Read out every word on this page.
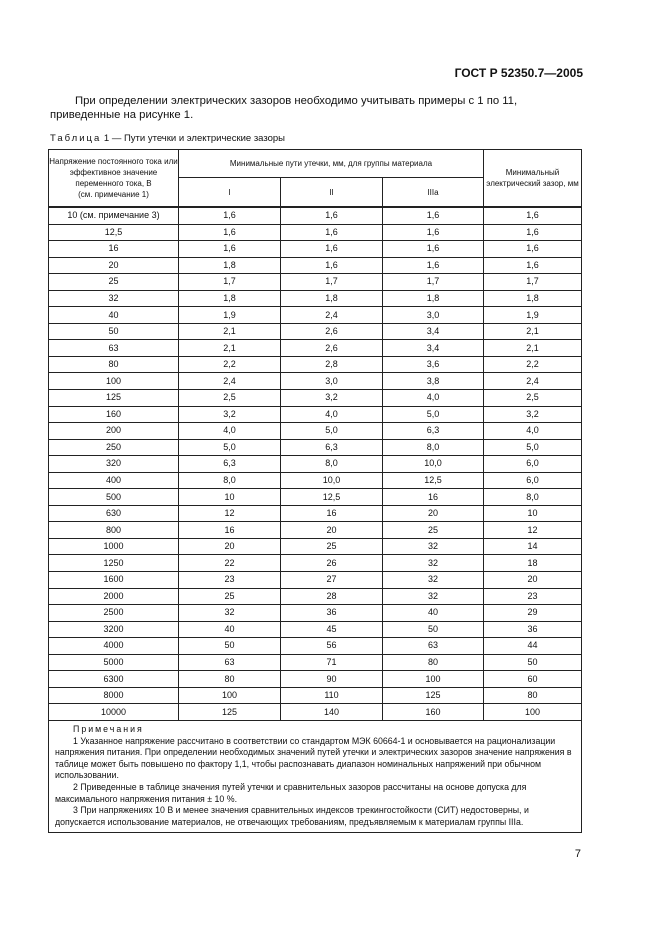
ГОСТ Р 52350.7—2005
При определении электрических зазоров необходимо учитывать примеры с 1 по 11, приведенные на рисунке 1.
Таблица 1 — Пути утечки и электрические зазоры
Напряжение постоянного тока или эффективное значение переменного тока, В
(см. примечание 1)	Минимальные пути утечки, мм, для группы материала			Минимальный электрический зазор, мм
	I	II	IIIa	
10 (см. примечание 3)	1,6	1,6	1,6	1,6
12,5	1,6	1,6	1,6	1,6
16	1,6	1,6	1,6	1,6
20	1,8	1,6	1,6	1,6
25	1,7	1,7	1,7	1,7
32	1,8	1,8	1,8	1,8
40	1,9	2,4	3,0	1,9
50	2,1	2,6	3,4	2,1
63	2,1	2,6	3,4	2,1
80	2,2	2,8	3,6	2,2
100	2,4	3,0	3,8	2,4
125	2,5	3,2	4,0	2,5
160	3,2	4,0	5,0	3,2
200	4,0	5,0	6,3	4,0
250	5,0	6,3	8,0	5,0
320	6,3	8,0	10,0	6,0
400	8,0	10,0	12,5	6,0
500	10	12,5	16	8,0
630	12	16	20	10
800	16	20	25	12
1000	20	25	32	14
1250	22	26	32	18
1600	23	27	32	20
2000	25	28	32	23
2500	32	36	40	29
3200	40	45	50	36
4000	50	56	63	44
5000	63	71	80	50
6300	80	90	100	60
8000	100	110	125	80
10000	125	140	160	100

Примечания

1 Указанное напряжение рассчитано в соответствии со стандартом МЭК 60664-1 и основывается на рационализации напряжения питания. При определении необходимых значений путей утечки и электрических зазоров значение напряжения в таблице может быть повышено по фактору 1,1, чтобы распознавать диапазон номинальных напряжений при обычном использовании.

2 Приведенные в таблице значения путей утечки и сравнительных зазоров рассчитаны на основе допуска для максимального напряжения питания ± 10 %.

3 При напряжениях 10 В и менее значения сравнительных индексов трекингостойкости (СИТ) недостоверны, и допускается использование материалов, не отвечающих требованиям, предъявляемым к материалам группы IIIa.				

7
